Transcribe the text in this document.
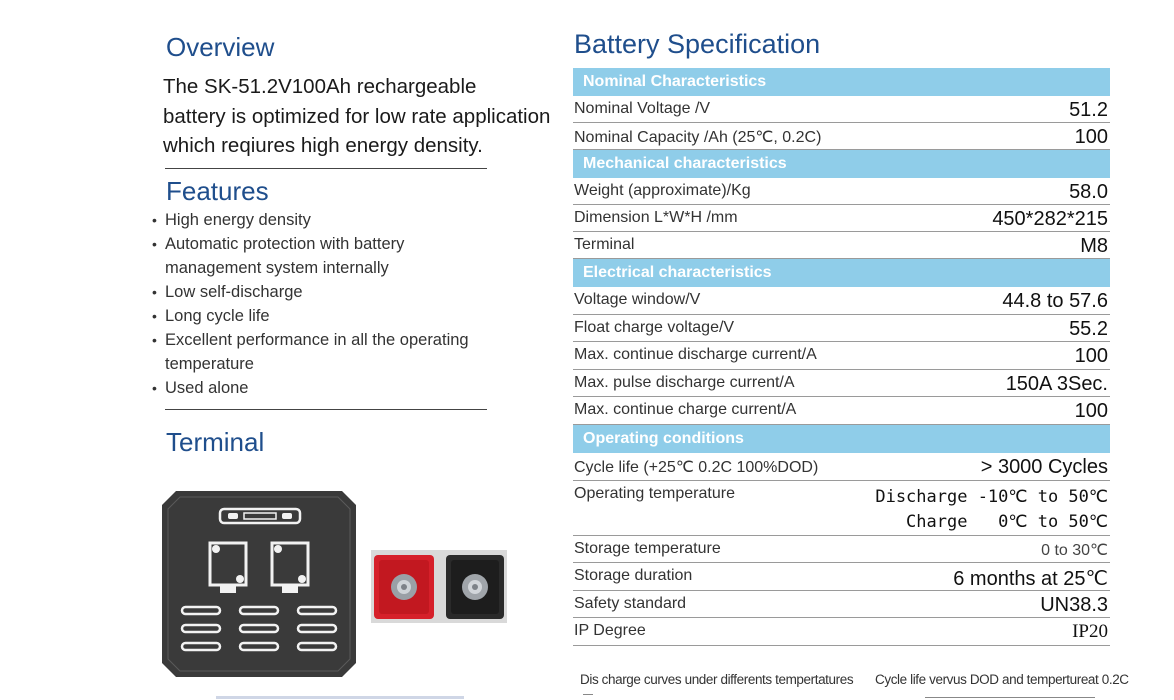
Overview
The SK-51.2V100Ah rechargeable
battery is optimized for low rate application
which reqiures high energy density.
Features
• High energy density
• Automatic protection with battery management system internally
• Low self-discharge
• Long cycle life
• Excellent performance in all the operating temperature
• Used alone
Terminal
Battery Specification
Nominal Characteristics
Nominal Voltage /V	51.2
Nominal Capacity /Ah (25℃, 0.2C)	100
Mechanical characteristics
Weight (approximate)/Kg	58.0
Dimension L*W*H /mm	450*282*215
Terminal	M8
Electrical characteristics
Voltage window/V	44.8 to 57.6
Float charge voltage/V	55.2
Max. continue discharge current/A	100
Max. pulse discharge current/A	150A 3Sec.
Max. continue charge current/A	100
Operating conditions
Cycle life (+25℃ 0.2C 100%DOD)	> 3000 Cycles
Operating temperature	Discharge -10℃ to 50℃
Charge   0℃ to 50℃
Storage temperature	0 to 30℃
Storage duration	6 months at 25℃
Safety standard	UN38.3
IP Degree	IP20
Dis charge curves under differents tempertatures Cycle life vervus DOD and tempertureat 0.2C
